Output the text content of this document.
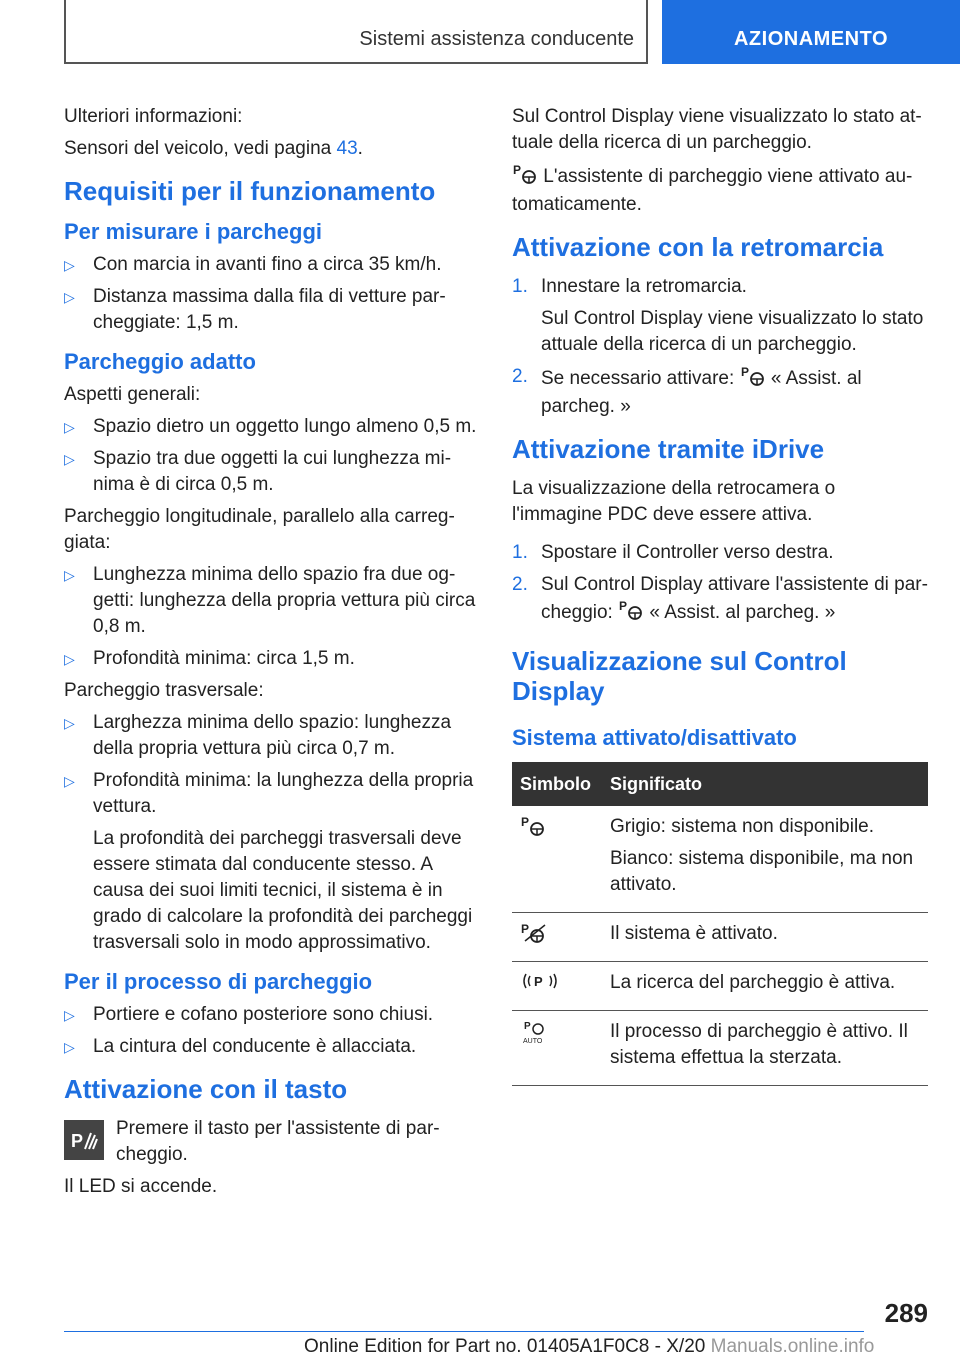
Sistemi assistenza conducente	AZIONAMENTO

Ulteriori informazioni:

Sensori del veicolo, vedi pagina 43.

Requisiti per il funzionamento
Per misurare i parcheggi
▷ Con marcia in avanti fino a circa 35 km/h.
▷ Distanza massima dalla fila di vetture parcheggiate: 1,5 m.
Parcheggio adatto

Aspetti generali:

▷ Spazio dietro un oggetto lungo almeno 0,5 m.
▷ Spazio tra due oggetti la cui lunghezza minima è di circa 0,5 m.

Parcheggio longitudinale, parallelo alla carreggiata:

▷ Lunghezza minima dello spazio fra due oggetti: lunghezza della propria vettura più circa 0,8 m.
▷ Profondità minima: circa 1,5 m.

Parcheggio trasversale:

▷ Larghezza minima dello spazio: lunghezza della propria vettura più circa 0,7 m.
▷ Profondità minima: la lunghezza della propria vettura.
La profondità dei parcheggi trasversali deve essere stimata dal conducente stesso. A causa dei suoi limiti tecnici, il sistema è in grado di calcolare la profondità dei parcheggi trasversali solo in modo approssimativo.
Per il processo di parcheggio
▷ Portiere e cofano posteriore sono chiusi.
▷ La cintura del conducente è allacciata.
Attivazione con il tasto
P

Premere il tasto per l'assistente di parcheggio.

Il LED si accende.

Sul Control Display viene visualizzato lo stato attuale della ricerca di un parcheggio.

P L'assistente di parcheggio viene attivato automaticamente.

Attivazione con la retromarcia
1. Innestare la retromarcia.
Sul Control Display viene visualizzato lo stato attuale della ricerca di un parcheggio.
2. Se necessario attivare: P « Assist. al parcheg. »
Attivazione tramite iDrive

La visualizzazione della retrocamera o l'immagine PDC deve essere attiva.

1. Spostare il Controller verso destra.
2. Sul Control Display attivare l'assistente di parcheggio: P « Assist. al parcheg. »
Visualizzazione sul Control Display
Sistema attivato/disattivato
Simbolo	Significato

P	Grigio: sistema non disponibile.

Bianco: sistema disponibile, ma non attivato.

P	Il sistema è attivato.

P	La ricerca del parcheggio è attiva.

P
AUTO	Il processo di parcheggio è attivo. Il sistema effettua la sterzata.

289
Online Edition for Part no. 01405A1F0C8 - X/20 Manuals.online.info
